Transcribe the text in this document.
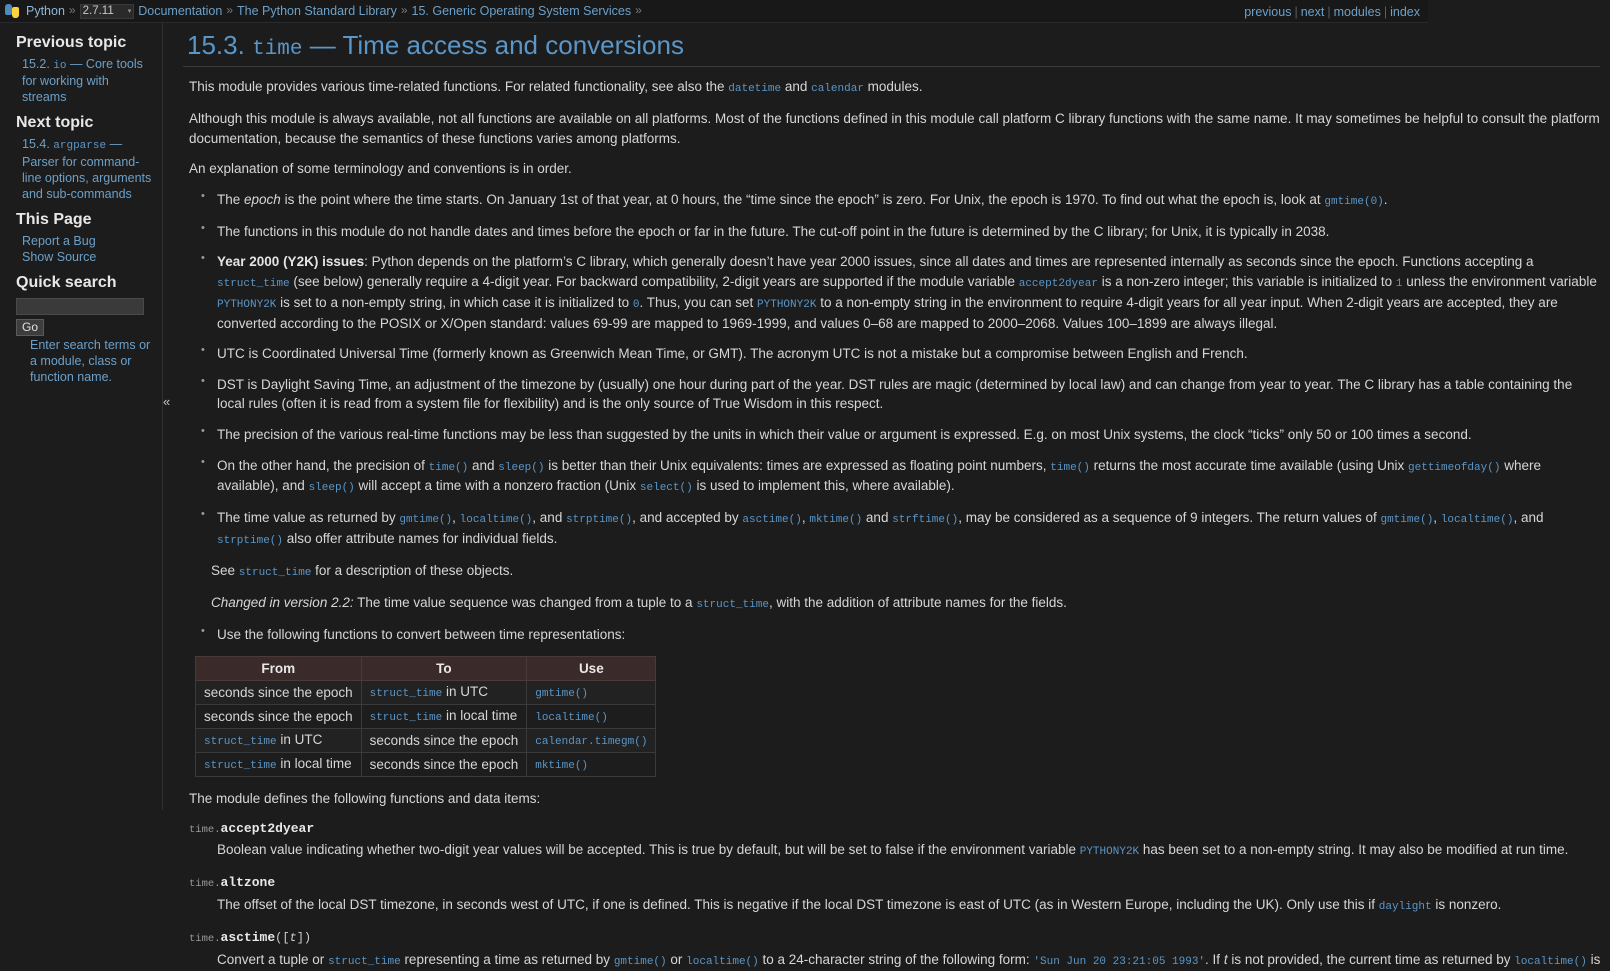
Python » 2.7.11 ▾ Documentation » The Python Standard Library » 15. Generic Operating System Services »	previous | next | modules | index
Previous topic

15.2. io — Core tools for working with streams

Next topic

15.4. argparse — Parser for command-line options, arguments and sub-commands

This Page
Report a Bug
Show Source
Quick search
Go

Enter search terms or a module, class or function name.

«
15.3. time — Time access and conversions

This module provides various time-related functions. For related functionality, see also the datetime and calendar modules.

Although this module is always available, not all functions are available on all platforms. Most of the functions defined in this module call platform C library functions with the same name. It may sometimes be helpful to consult the platform documentation, because the semantics of these functions varies among platforms.

An explanation of some terminology and conventions is in order.

• The epoch is the point where the time starts. On January 1st of that year, at 0 hours, the “time since the epoch” is zero. For Unix, the epoch is 1970. To find out what the epoch is, look at gmtime(0).
• The functions in this module do not handle dates and times before the epoch or far in the future. The cut-off point in the future is determined by the C library; for Unix, it is typically in 2038.
• Year 2000 (Y2K) issues: Python depends on the platform’s C library, which generally doesn’t have year 2000 issues, since all dates and times are represented internally as seconds since the epoch. Functions accepting a struct_time (see below) generally require a 4-digit year. For backward compatibility, 2-digit years are supported if the module variable accept2dyear is a non-zero integer; this variable is initialized to 1 unless the environment variable PYTHONY2K is set to a non-empty string, in which case it is initialized to 0. Thus, you can set PYTHONY2K to a non-empty string in the environment to require 4-digit years for all year input. When 2-digit years are accepted, they are converted according to the POSIX or X/Open standard: values 69-99 are mapped to 1969-1999, and values 0–68 are mapped to 2000–2068. Values 100–1899 are always illegal.
• UTC is Coordinated Universal Time (formerly known as Greenwich Mean Time, or GMT). The acronym UTC is not a mistake but a compromise between English and French.
• DST is Daylight Saving Time, an adjustment of the timezone by (usually) one hour during part of the year. DST rules are magic (determined by local law) and can change from year to year. The C library has a table containing the local rules (often it is read from a system file for flexibility) and is the only source of True Wisdom in this respect.
• The precision of the various real-time functions may be less than suggested by the units in which their value or argument is expressed. E.g. on most Unix systems, the clock “ticks” only 50 or 100 times a second.
• On the other hand, the precision of time() and sleep() is better than their Unix equivalents: times are expressed as floating point numbers, time() returns the most accurate time available (using Unix gettimeofday() where available), and sleep() will accept a time with a nonzero fraction (Unix select() is used to implement this, where available).
• The time value as returned by gmtime(), localtime(), and strptime(), and accepted by asctime(), mktime() and strftime(), may be considered as a sequence of 9 integers. The return values of gmtime(), localtime(), and strptime() also offer attribute names for individual fields.

See struct_time for a description of these objects.

Changed in version 2.2: The time value sequence was changed from a tuple to a struct_time, with the addition of attribute names for the fields.

• Use the following functions to convert between time representations:
From	To	Use
seconds since the epoch	struct_time in UTC	gmtime()
seconds since the epoch	struct_time in local time	localtime()
struct_time in UTC	seconds since the epoch	calendar.timegm()
struct_time in local time	seconds since the epoch	mktime()

The module defines the following functions and data items:

time.accept2dyear
Boolean value indicating whether two-digit year values will be accepted. This is true by default, but will be set to false if the environment variable PYTHONY2K has been set to a non-empty string. It may also be modified at run time.
time.altzone
The offset of the local DST timezone, in seconds west of UTC, if one is defined. This is negative if the local DST timezone is east of UTC (as in Western Europe, including the UK). Only use this if daylight is nonzero.
time.asctime([t])
Convert a tuple or struct_time representing a time as returned by gmtime() or localtime() to a 24-character string of the following form: 'Sun Jun 20 23:21:05 1993'. If t is not provided, the current time as returned by localtime() is
